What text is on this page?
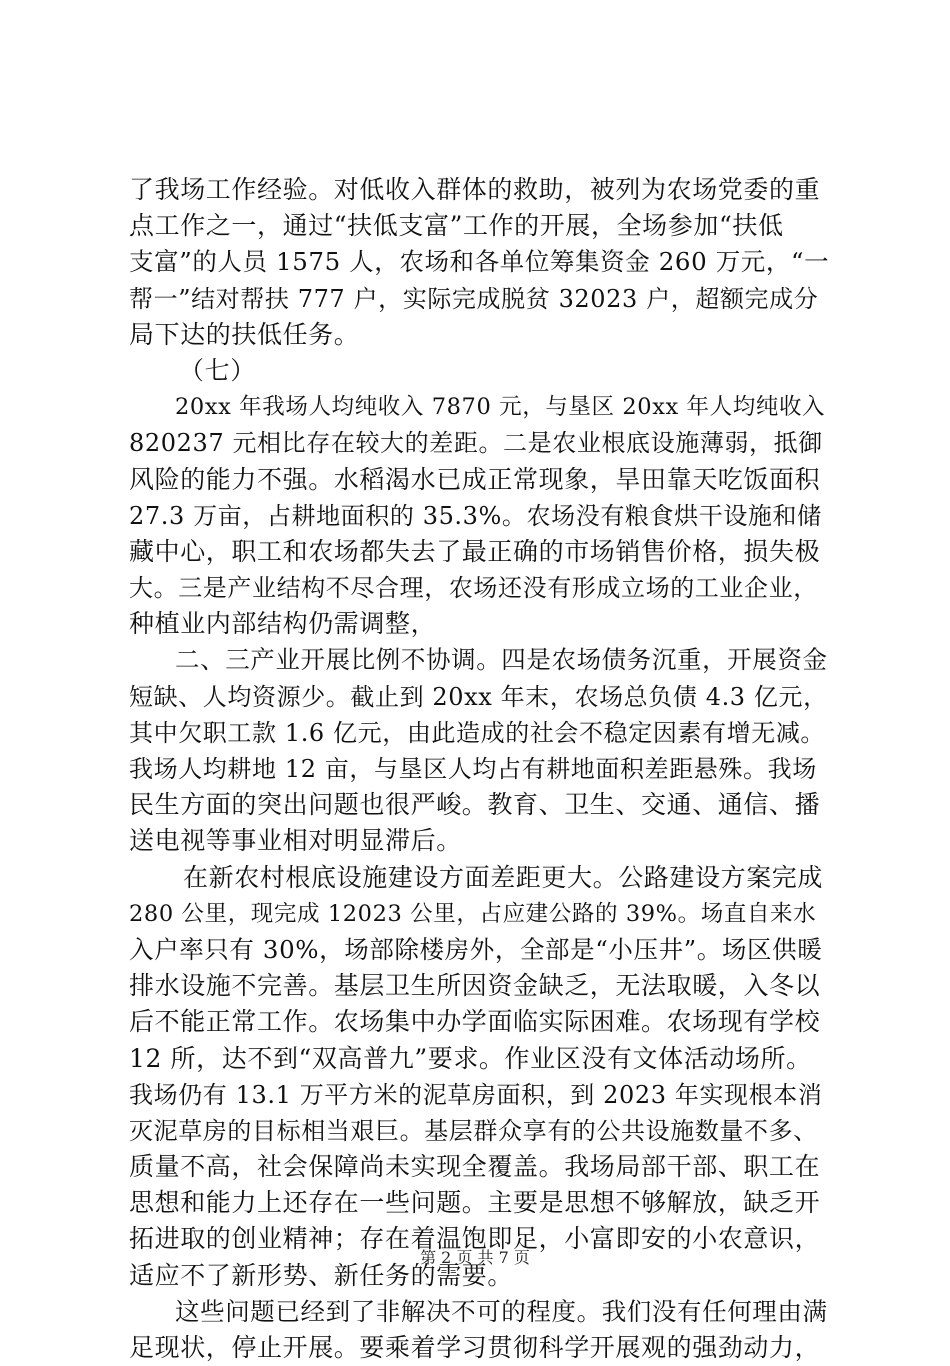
了我场工作经验。对低收入群体的救助，被列为农场党委的重
点工作之一，通过“扶低支富”工作的开展，全场参加“扶低
支富”的人员 1575 人，农场和各单位筹集资金 260 万元，“一
帮一”结对帮扶 777 户，实际完成脱贫 32023 户，超额完成分
局下达的扶低任务。
（七）
20xx 年我场人均纯收入 7870 元，与垦区 20xx 年人均纯收入
820237 元相比存在较大的差距。二是农业根底设施薄弱，抵御
风险的能力不强。水稻渴水已成正常现象，旱田靠天吃饭面积
27.3 万亩，占耕地面积的 35.3%。农场没有粮食烘干设施和储
藏中心，职工和农场都失去了最正确的市场销售价格，损失极
大。三是产业结构不尽合理，农场还没有形成立场的工业企业，
种植业内部结构仍需调整，
二、三产业开展比例不协调。四是农场债务沉重，开展资金
短缺、人均资源少。截止到 20xx 年末，农场总负债 4.3 亿元，
其中欠职工款 1.6 亿元，由此造成的社会不稳定因素有增无减。
我场人均耕地 12 亩，与垦区人均占有耕地面积差距悬殊。我场
民生方面的突出问题也很严峻。教育、卫生、交通、通信、播
送电视等事业相对明显滞后。
在新农村根底设施建设方面差距更大。公路建设方案完成
280 公里，现完成 12023 公里，占应建公路的 39%。场直自来水
入户率只有 30%，场部除楼房外，全部是“小压井”。场区供暖
排水设施不完善。基层卫生所因资金缺乏，无法取暖，入冬以
后不能正常工作。农场集中办学面临实际困难。农场现有学校
12 所，达不到“双高普九”要求。作业区没有文体活动场所。
我场仍有 13.1 万平方米的泥草房面积，到 2023 年实现根本消
灭泥草房的目标相当艰巨。基层群众享有的公共设施数量不多、
质量不高，社会保障尚未实现全覆盖。我场局部干部、职工在
思想和能力上还存在一些问题。主要是思想不够解放，缺乏开
拓进取的创业精神；存在着温饱即足，小富即安的小农意识，
适应不了新形势、新任务的需要。
这些问题已经到了非解决不可的程度。我们没有任何理由满
足现状，停止开展。要乘着学习贯彻科学开展观的强劲动力，
第 2 页 共 7 页
